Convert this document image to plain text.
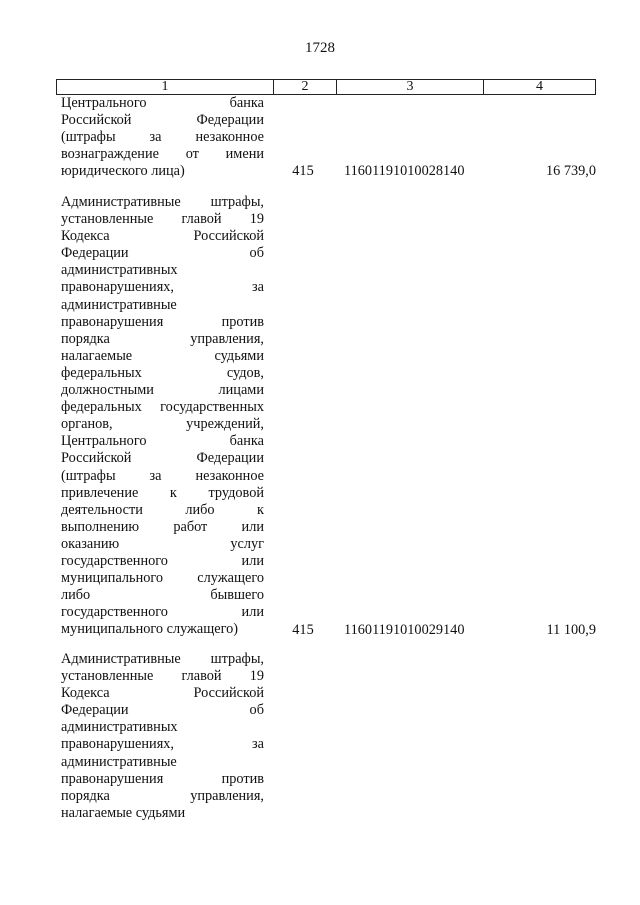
1728
1	2	3	4
Центрального банка
Российской Федерации
(штрафы за незаконное
вознаграждение от имени
юридического лица)	415 11601191010028140	16 739,0
Административные штрафы,
установленные главой 19
Кодекса Российской
Федерации об
административных
правонарушениях, за
административные
правонарушения против
порядка управления,
налагаемые судьями
федеральных судов,
должностными лицами
федеральных государственных
органов, учреждений,
Центрального банка
Российской Федерации
(штрафы за незаконное
привлечение к трудовой
деятельности либо к
выполнению работ или
оказанию услуг
государственного или
муниципального служащего
либо бывшего
государственного или
муниципального служащего)	415 11601191010029140	11 100,9
Административные штрафы,
установленные главой 19
Кодекса Российской
Федерации об
административных
правонарушениях, за
административные
правонарушения против
порядка управления,
налагаемые судьями
